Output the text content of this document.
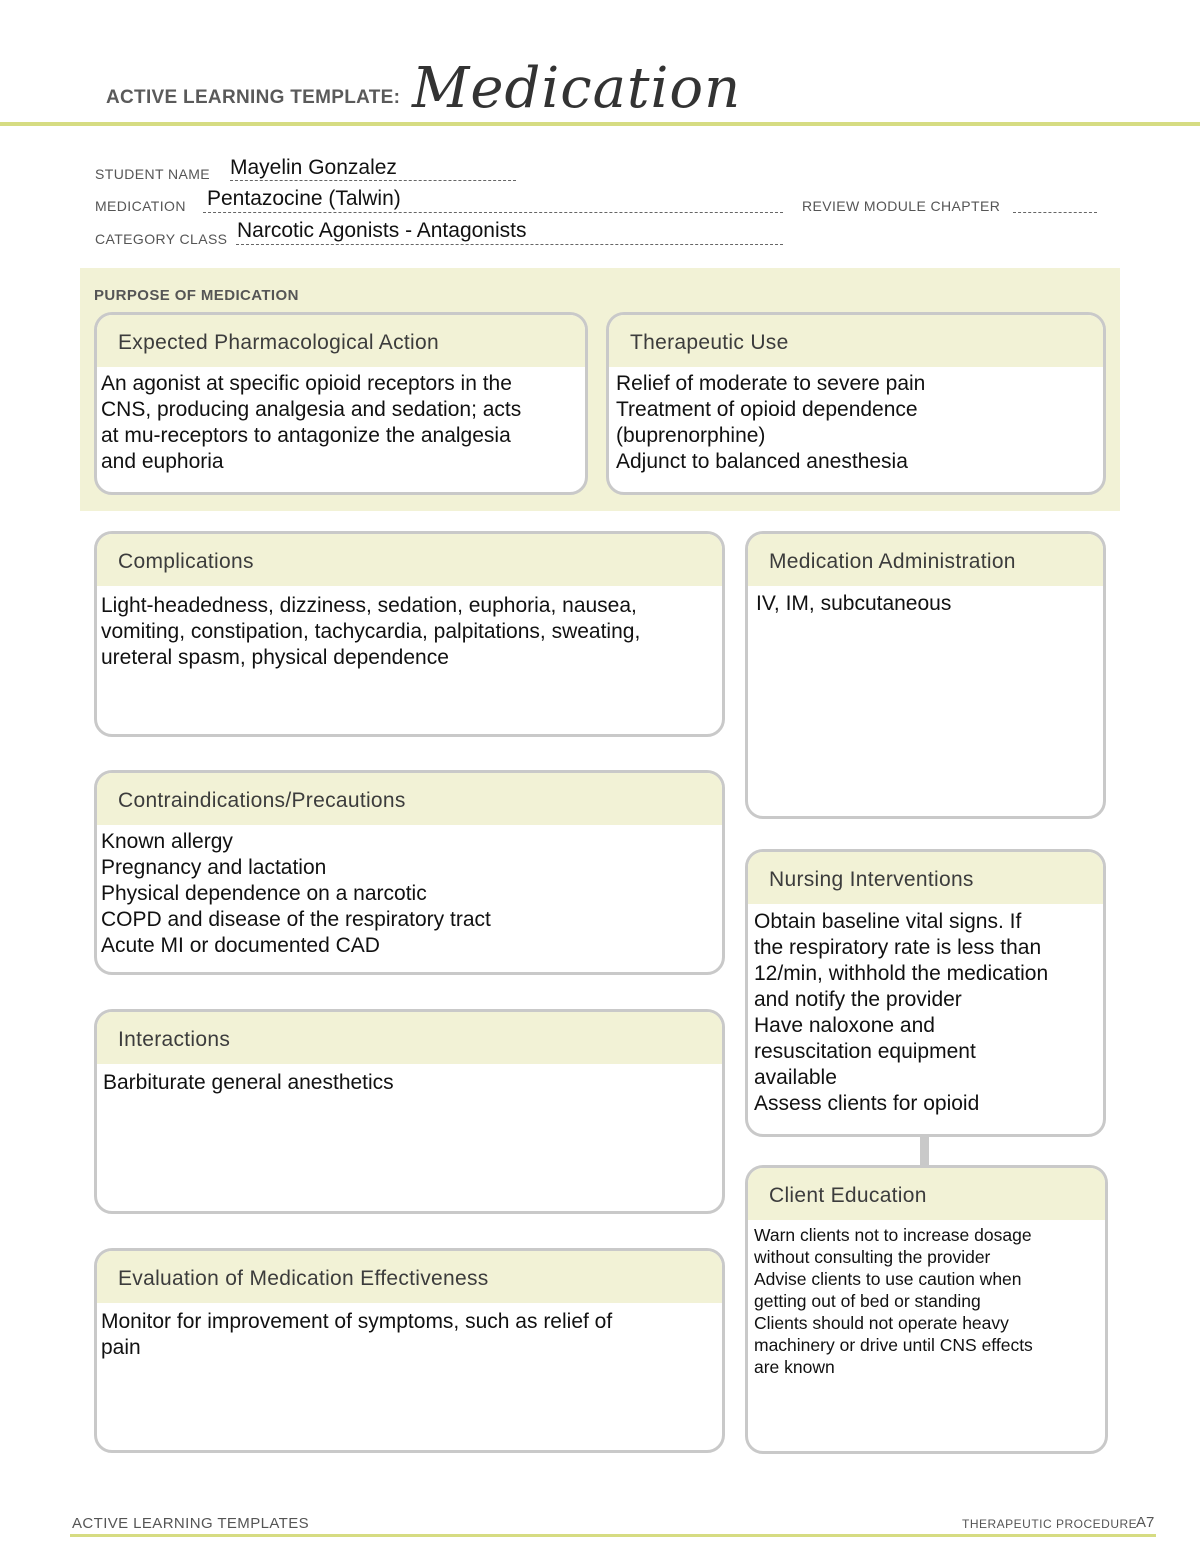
ACTIVE LEARNING TEMPLATE: Medication
STUDENT NAME Mayelin Gonzalez
MEDICATION Pentazocine (Talwin)	REVIEW MODULE CHAPTER
CATEGORY CLASS Narcotic Agonists - Antagonists
PURPOSE OF MEDICATION
Expected Pharmacological Action
An agonist at specific opioid receptors in the
CNS, producing analgesia and sedation; acts
at mu-receptors to antagonize the analgesia
and euphoria
Therapeutic Use
Relief of moderate to severe pain
Treatment of opioid dependence
(buprenorphine)
Adjunct to balanced anesthesia
Complications
Light-headedness, dizziness, sedation, euphoria, nausea,
vomiting, constipation, tachycardia, palpitations, sweating,
ureteral spasm, physical dependence
Contraindications/Precautions
Known allergy
Pregnancy and lactation
Physical dependence on a narcotic
COPD and disease of the respiratory tract
Acute MI or documented CAD
Interactions
Barbiturate general anesthetics
Evaluation of Medication Effectiveness
Monitor for improvement of symptoms, such as relief of
pain
Medication Administration
IV, IM, subcutaneous
Nursing Interventions
Obtain baseline vital signs. If
the respiratory rate is less than
12/min, withhold the medication
and notify the provider
Have naloxone and
resuscitation equipment
available
Assess clients for opioid
Client Education
Warn clients not to increase dosage
without consulting the provider
Advise clients to use caution when
getting out of bed or standing
Clients should not operate heavy
machinery or drive until CNS effects
are known
ACTIVE LEARNING TEMPLATES	THERAPEUTIC PROCEDURE
A7
